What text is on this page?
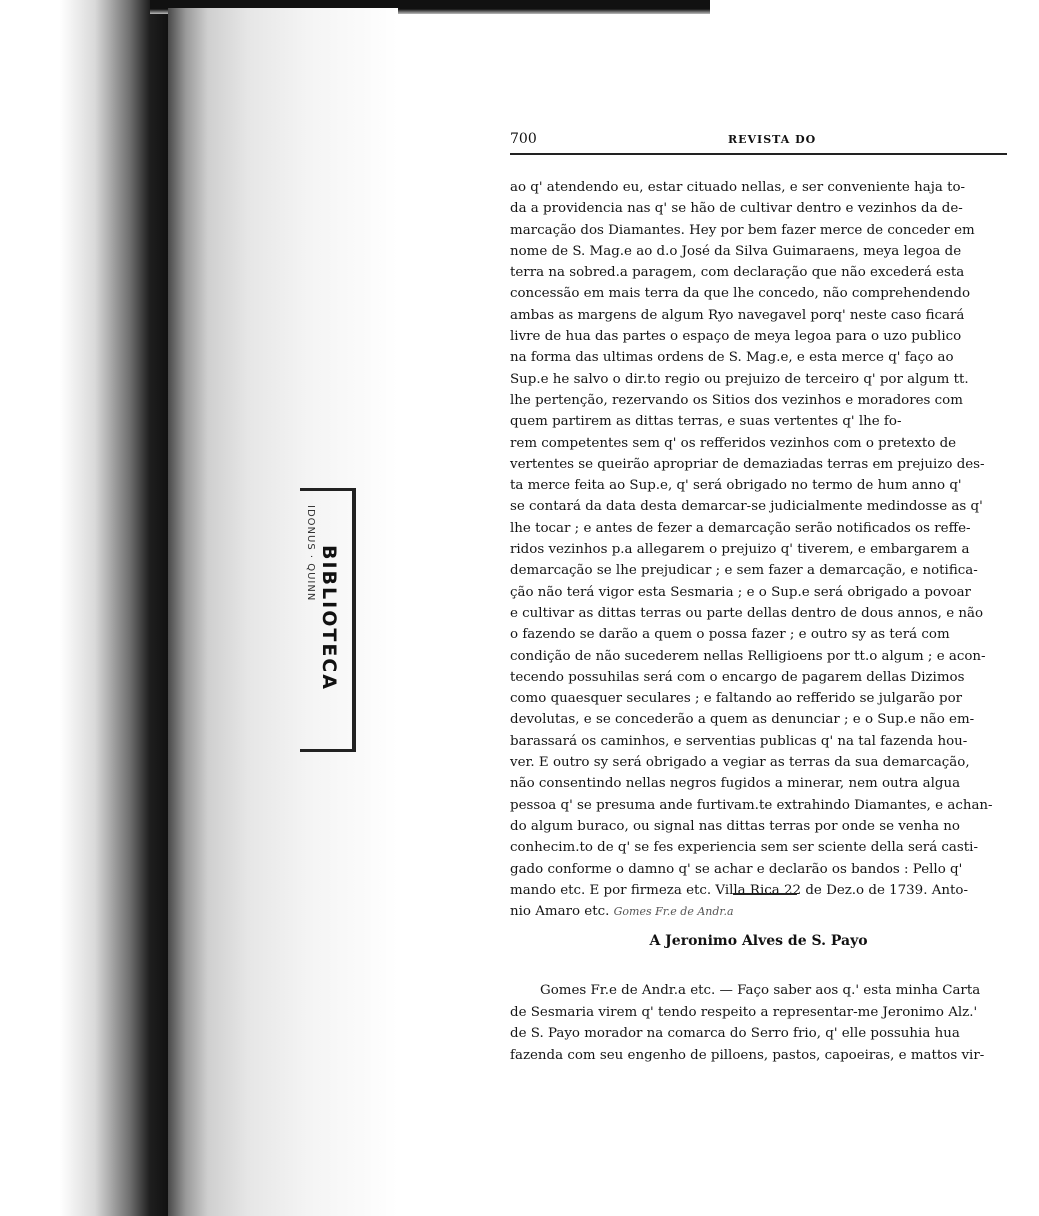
IDONUS · QUINN BIBLIOTECA
700	REVISTA DO
ao q' atendendo eu, estar cituado nellas, e ser conveniente haja to-
da a providencia nas q' se hão de cultivar dentro e vezinhos da de-
marcação dos Diamantes. Hey por bem fazer merce de conceder em
nome de S. Mag.e ao d.o José da Silva Guimaraens, meya legoa de
terra na sobred.a paragem, com declaração que não excederá esta
concessão em mais terra da que lhe concedo, não comprehendendo
ambas as margens de algum Ryo navegavel porq' neste caso ficará
livre de hua das partes o espaço de meya legoa para o uzo publico
na forma das ultimas ordens de S. Mag.e, e esta merce q' faço ao
Sup.e he salvo o dir.to regio ou prejuizo de terceiro q' por algum tt.
lhe pertenção, rezervando os Sitios dos vezinhos e moradores com
quem partirem as dittas terras, e suas vertentes q' lhe fo-
rem competentes sem q' os refferidos vezinhos com o pretexto de
vertentes se queirão apropriar de demaziadas terras em prejuizo des-
ta merce feita ao Sup.e, q' será obrigado no termo de hum anno q'
se contará da data desta demarcar-se judicialmente medindosse as q'
lhe tocar ; e antes de fezer a demarcação serão notificados os reffe-
ridos vezinhos p.a allegarem o prejuizo q' tiverem, e embargarem a
demarcação se lhe prejudicar ; e sem fazer a demarcação, e notifica-
ção não terá vigor esta Sesmaria ; e o Sup.e será obrigado a povoar
e cultivar as dittas terras ou parte dellas dentro de dous annos, e não
o fazendo se darão a quem o possa fazer ; e outro sy as terá com
condição de não sucederem nellas Relligioens por tt.o algum ; e acon-
tecendo possuhilas será com o encargo de pagarem dellas Dizimos
como quaesquer seculares ; e faltando ao refferido se julgarão por
devolutas, e se concederão a quem as denunciar ; e o Sup.e não em-
barassará os caminhos, e serventias publicas q' na tal fazenda hou-
ver. E outro sy será obrigado a vegiar as terras da sua demarcação,
não consentindo nellas negros fugidos a minerar, nem outra algua
pessoa q' se presuma ande furtivam.te extrahindo Diamantes, e achan-
do algum buraco, ou signal nas dittas terras por onde se venha no
conhecim.to de q' se fes experiencia sem ser sciente della será casti-
gado conforme o damno q' se achar e declarão os bandos : Pello q'
mando etc. E por firmeza etc. Villa Rica 22 de Dez.o de 1739. Anto-
nio Amaro etc. Gomes Fr.e de Andr.a
A Jeronimo Alves de S. Payo
Gomes Fr.e de Andr.a etc. — Faço saber aos q.' esta minha Carta
de Sesmaria virem q' tendo respeito a representar-me Jeronimo Alz.'
de S. Payo morador na comarca do Serro frio, q' elle possuhia hua
fazenda com seu engenho de pilloens, pastos, capoeiras, e mattos vir-
